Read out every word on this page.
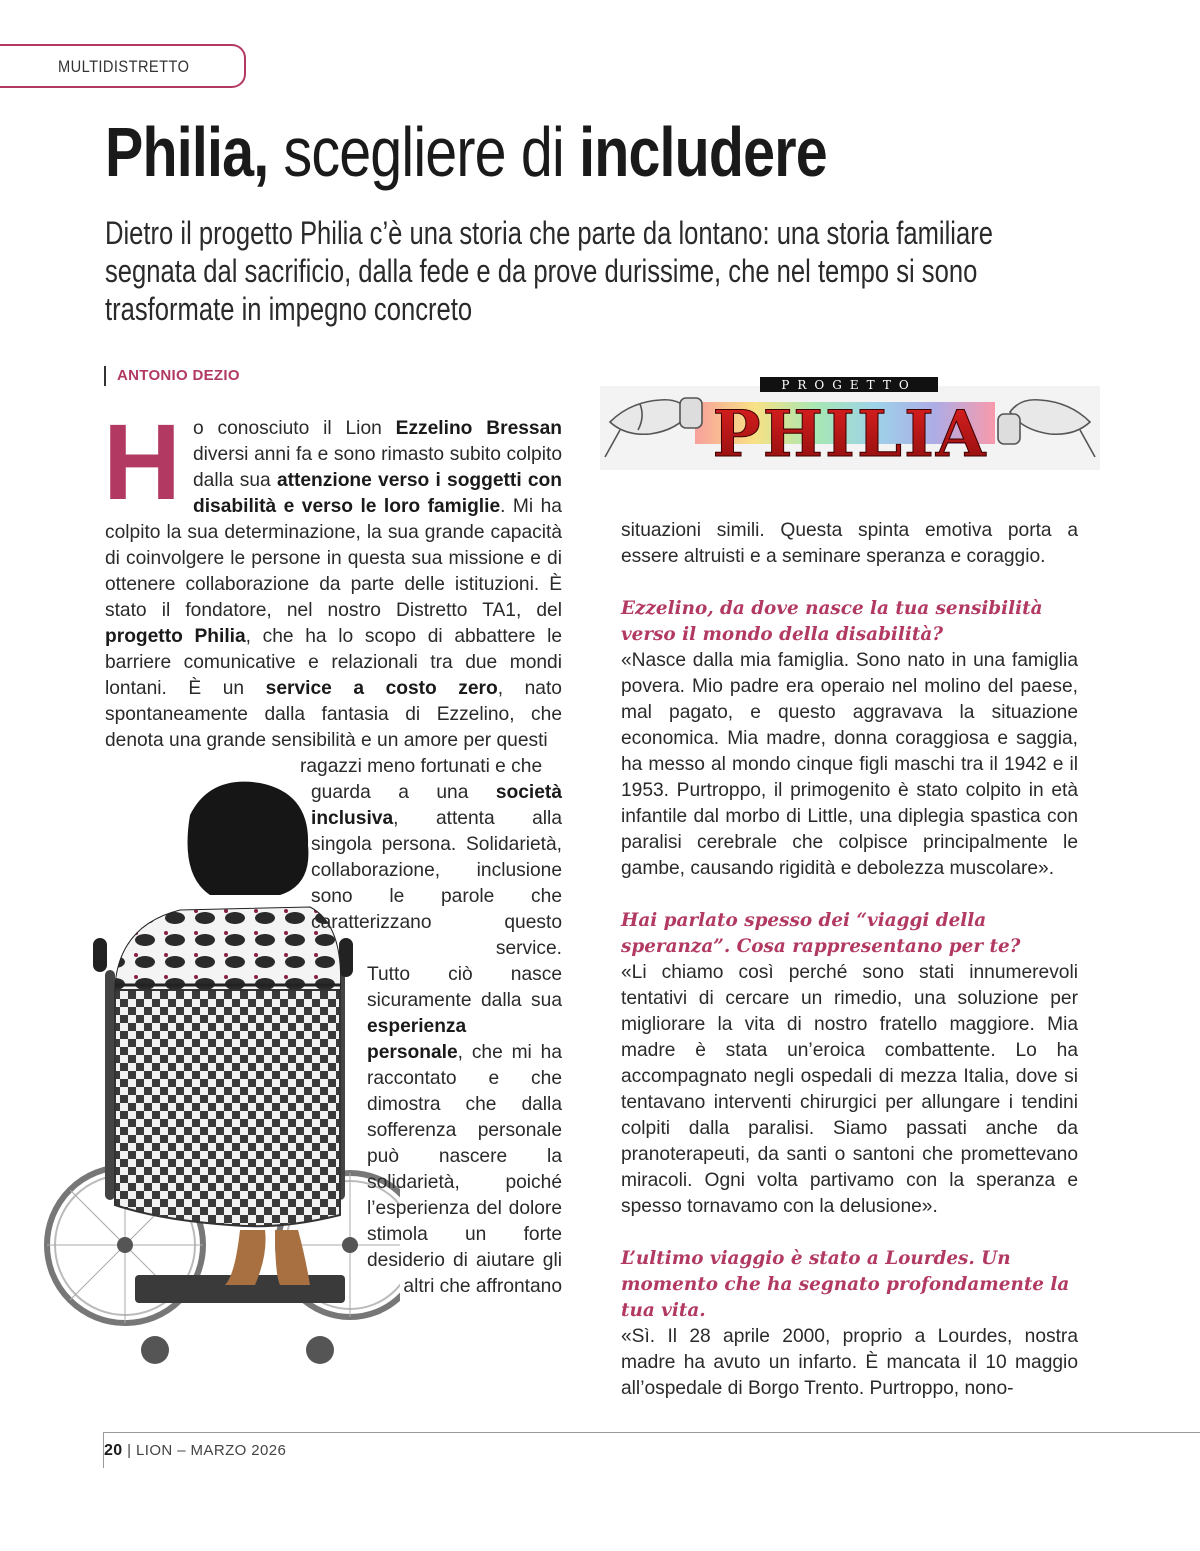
MULTIDISTRETTO
Philia, scegliere di includere

Dietro il progetto Philia c’è una storia che parte da lontano: una storia familiare segnata dal sacrificio, dalla fede e da prove durissime, che nel tempo si sono trasformate in impegno concreto

ANTONIO DEZIO
PROGETTO
PHILIA

Ho conosciuto il Lion Ezzelino Bressan diversi anni fa e sono rimasto subito colpito dalla sua attenzione verso i soggetti con disabilità e verso le loro famiglie. Mi ha colpito la sua determinazione, la sua grande capacità di coinvolgere le persone in questa sua missione e di ottenere collaborazione da parte delle istituzioni. È stato il fondatore, nel nostro Distretto TA1, del progetto Philia, che ha lo scopo di abbattere le barriere comunicative e relazionali tra due mondi lontani. È un service a costo zero, nato spontaneamente dalla fantasia di Ezzelino, che denota una grande sensibilità e un amore per questi

ragazzi meno fortunati e che

guarda a una società inclusiva, attenta alla singola persona. Solidarietà, collaborazione, inclusione sono le parole che caratterizzano questo service.

Tutto ciò nasce sicuramente dalla sua esperienza personale, che mi ha raccontato e che dimostra che dalla sofferenza personale può nascere la solidarietà, poiché l’esperienza del dolore stimola un forte desiderio di aiutare gli altri che affrontano

situazioni simili. Questa spinta emotiva porta a essere altruisti e a seminare speranza e coraggio.

Ezzelino, da dove nasce la tua sensibilità verso il mondo della disabilità?

«Nasce dalla mia famiglia. Sono nato in una famiglia povera. Mio padre era operaio nel molino del paese, mal pagato, e questo aggravava la situazione economica. Mia madre, donna coraggiosa e saggia, ha messo al mondo cinque figli maschi tra il 1942 e il 1953. Purtroppo, il primogenito è stato colpito in età infantile dal morbo di Little, una diplegia spastica con paralisi cerebrale che colpisce principalmente le gambe, causando rigidità e debolezza muscolare».

Hai parlato spesso dei “viaggi della speranza”. Cosa rappresentano per te?

«Li chiamo così perché sono stati innumerevoli tentativi di cercare un rimedio, una soluzione per migliorare la vita di nostro fratello maggiore. Mia madre è stata un’eroica combattente. Lo ha accompagnato negli ospedali di mezza Italia, dove si tentavano interventi chirurgici per allungare i tendini colpiti dalla paralisi. Siamo passati anche da pranoterapeuti, da santi o santoni che promettevano miracoli. Ogni volta partivamo con la speranza e spesso tornavamo con la delusione».

L’ultimo viaggio è stato a Lourdes. Un momento che ha segnato profondamente la tua vita.

«Sì. Il 28 aprile 2000, proprio a Lourdes, nostra madre ha avuto un infarto. È mancata il 10 maggio all’ospedale di Borgo Trento. Purtroppo, nono-

20 | LION – MARZO 2026
